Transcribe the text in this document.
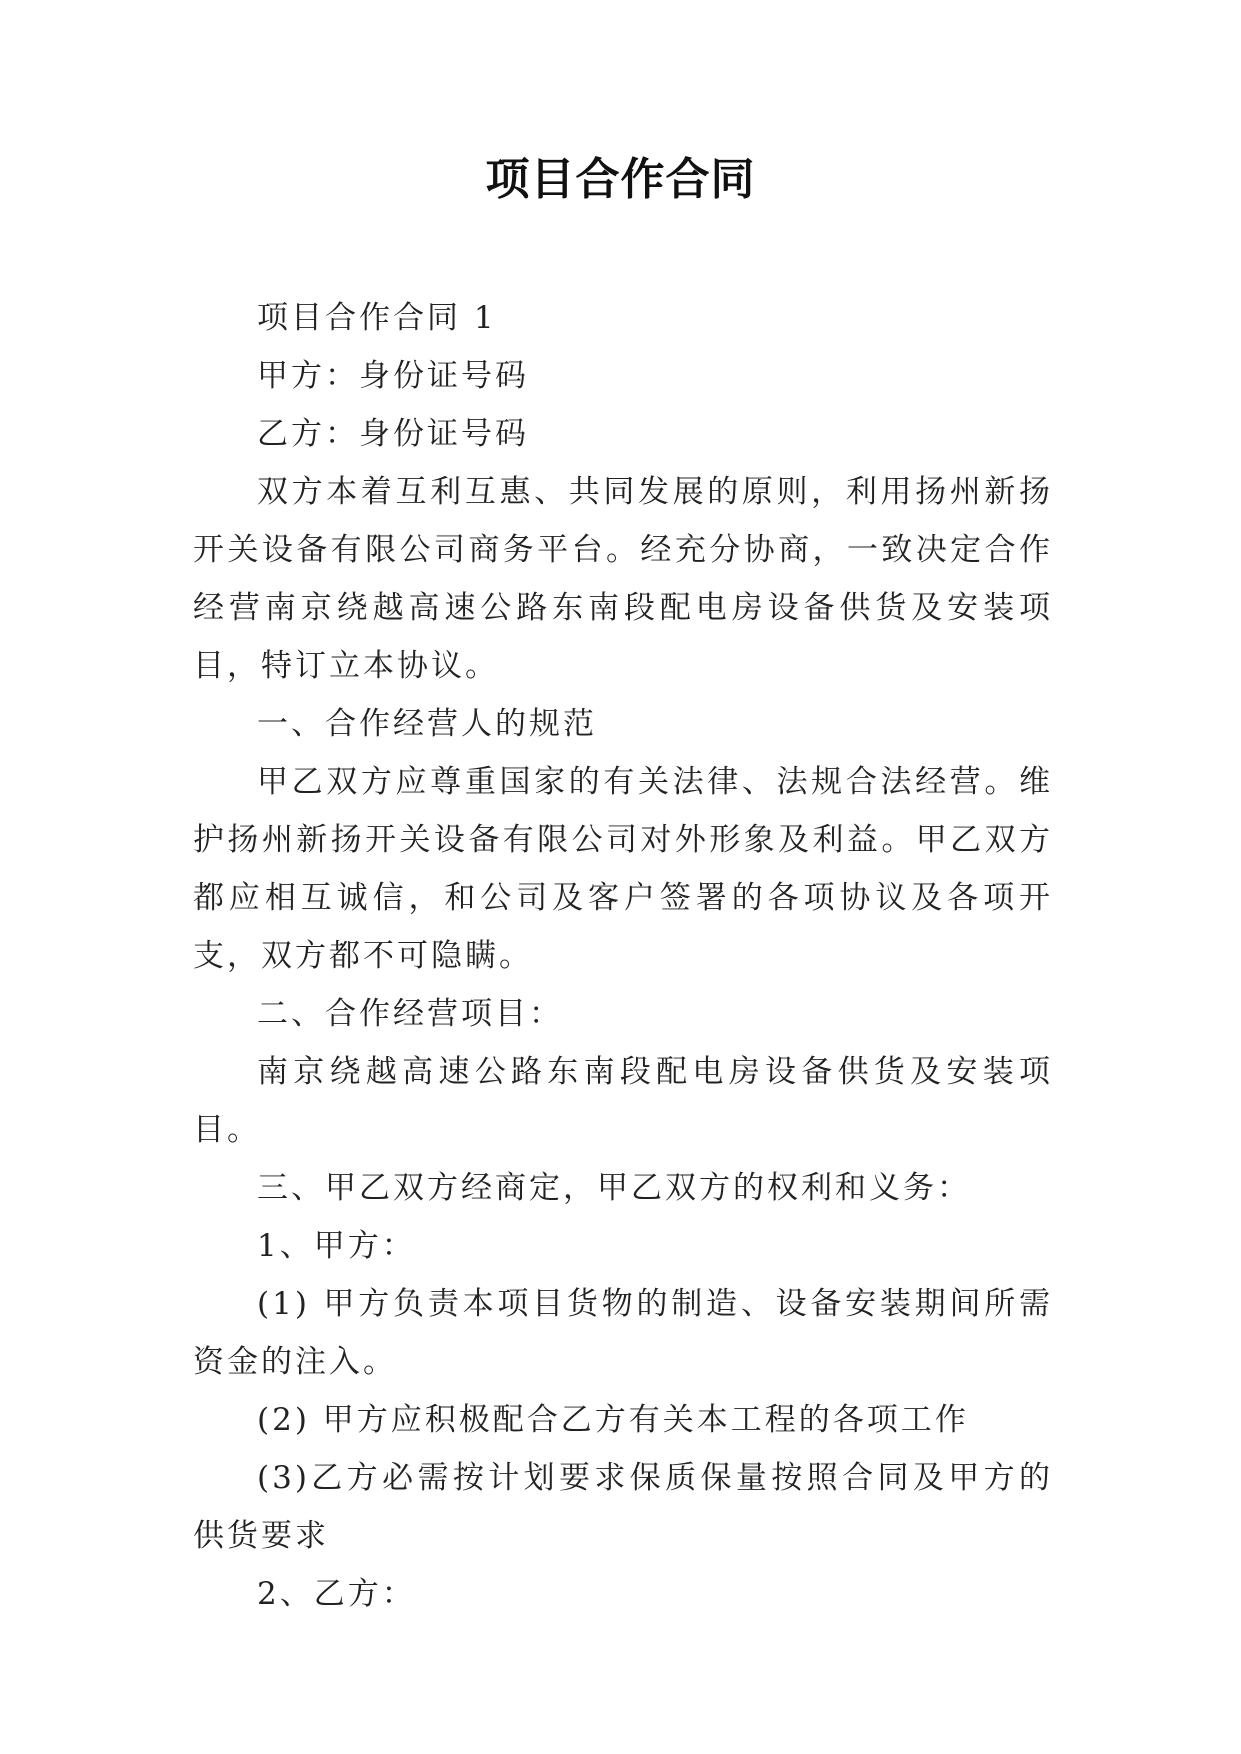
项目合作合同

项目合作合同 1

甲方：身份证号码

乙方：身份证号码

双方本着互利互惠、共同发展的原则，利用扬州新扬开关设备有限公司商务平台。经充分协商，一致决定合作经营南京绕越高速公路东南段配电房设备供货及安装项目，特订立本协议。

一、合作经营人的规范

甲乙双方应尊重国家的有关法律、法规合法经营。维护扬州新扬开关设备有限公司对外形象及利益。甲乙双方都应相互诚信，和公司及客户签署的各项协议及各项开支，双方都不可隐瞒。

二、合作经营项目：

南京绕越高速公路东南段配电房设备供货及安装项目。

三、甲乙双方经商定，甲乙双方的权利和义务：

1、甲方：

(1) 甲方负责本项目货物的制造、设备安装期间所需资金的注入。

(2) 甲方应积极配合乙方有关本工程的各项工作

(3)乙方必需按计划要求保质保量按照合同及甲方的供货要求

2、乙方：
